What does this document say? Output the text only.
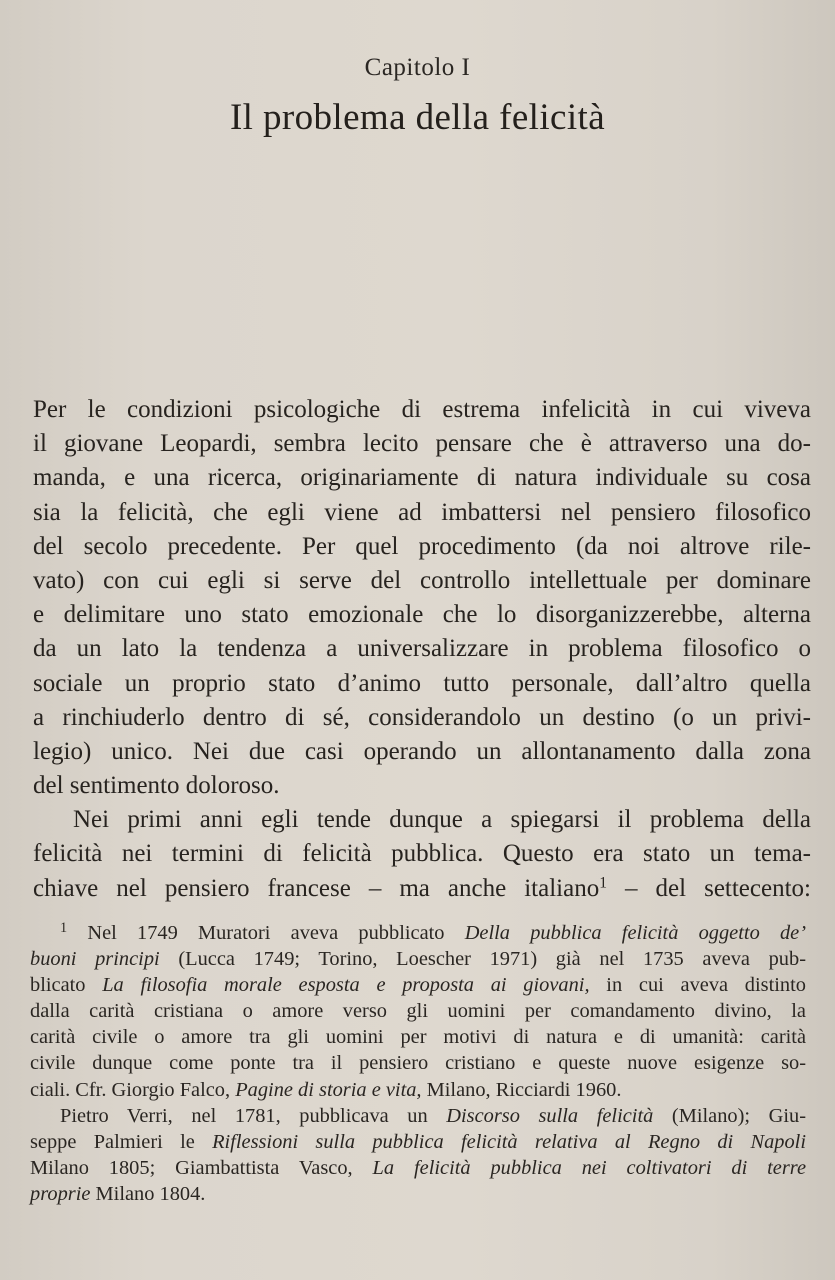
Capitolo I
Il problema della felicità
Per le condizioni psicologiche di estrema infelicità in cui viveva
il giovane Leopardi, sembra lecito pensare che è attraverso una do-
manda, e una ricerca, originariamente di natura individuale su cosa
sia la felicità, che egli viene ad imbattersi nel pensiero filosofico
del secolo precedente. Per quel procedimento (da noi altrove rile-
vato) con cui egli si serve del controllo intellettuale per dominare
e delimitare uno stato emozionale che lo disorganizzerebbe, alterna
da un lato la tendenza a universalizzare in problema filosofico o
sociale un proprio stato d’animo tutto personale, dall’altro quella
a rinchiuderlo dentro di sé, considerandolo un destino (o un privi-
legio) unico. Nei due casi operando un allontanamento dalla zona
del sentimento doloroso.
Nei primi anni egli tende dunque a spiegarsi il problema della
felicità nei termini di felicità pubblica. Questo era stato un tema-
chiave nel pensiero francese – ma anche italiano$^1$ – del settecento:
$^1$ Nel 1749 Muratori aveva pubblicato Della pubblica felicità oggetto de’
buoni principi (Lucca 1749; Torino, Loescher 1971) già nel 1735 aveva pub-
blicato La filosofia morale esposta e proposta ai giovani, in cui aveva distinto
dalla carità cristiana o amore verso gli uomini per comandamento divino, la
carità civile o amore tra gli uomini per motivi di natura e di umanità: carità
civile dunque come ponte tra il pensiero cristiano e queste nuove esigenze so-
ciali. Cfr. Giorgio Falco, Pagine di storia e vita, Milano, Ricciardi 1960.
Pietro Verri, nel 1781, pubblicava un Discorso sulla felicità (Milano); Giu-
seppe Palmieri le Riflessioni sulla pubblica felicità relativa al Regno di Napoli
Milano 1805; Giambattista Vasco, La felicità pubblica nei coltivatori di terre
proprie Milano 1804.
